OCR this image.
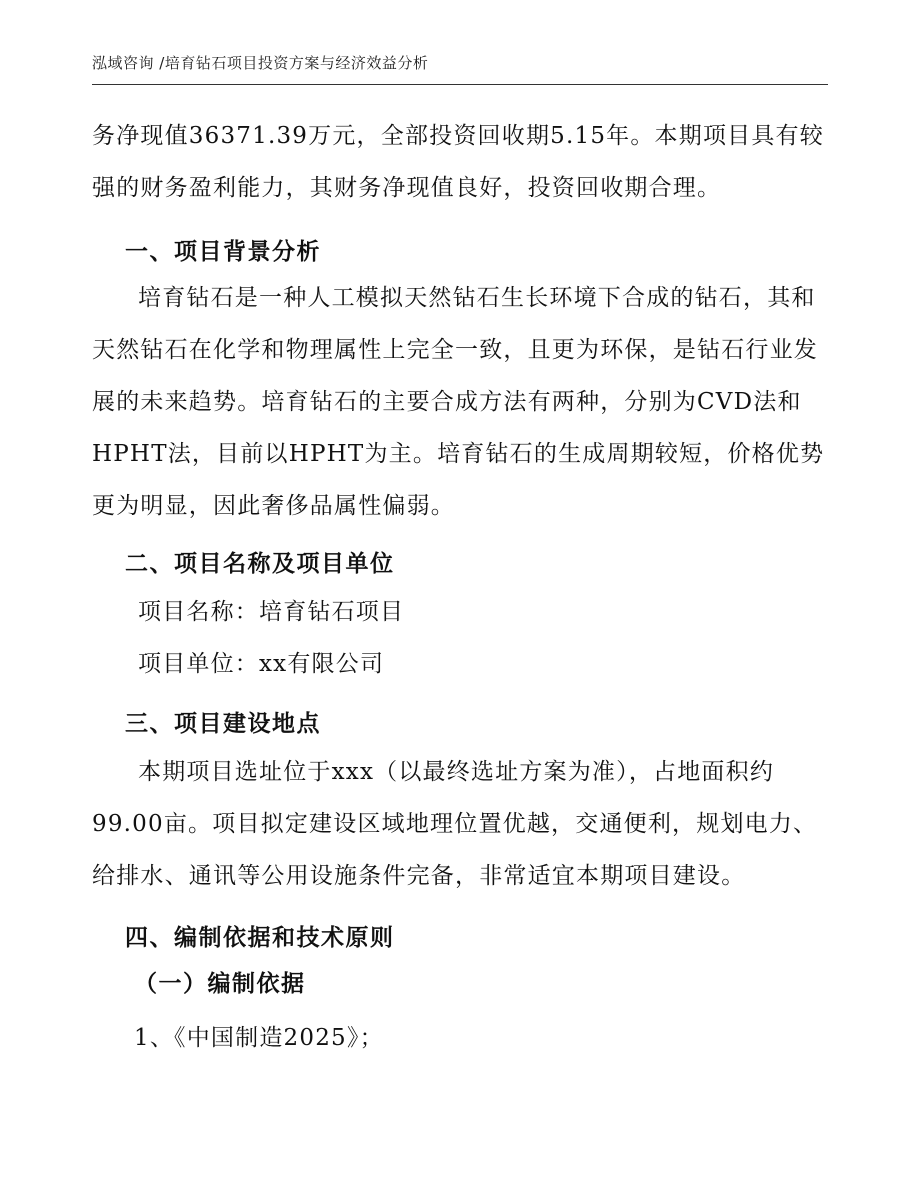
泓域咨询 /培育钻石项目投资方案与经济效益分析

务净现值36371.39万元，全部投资回收期5.15年。本期项目具有较强的财务盈利能力，其财务净现值良好，投资回收期合理。

一、项目背景分析

培育钻石是一种人工模拟天然钻石生长环境下合成的钻石，其和天然钻石在化学和物理属性上完全一致，且更为环保，是钻石行业发展的未来趋势。培育钻石的主要合成方法有两种，分别为CVD法和HPHT法，目前以HPHT为主。培育钻石的生成周期较短，价格优势更为明显，因此奢侈品属性偏弱。

二、项目名称及项目单位

项目名称：培育钻石项目

项目单位：xx有限公司

三、项目建设地点

本期项目选址位于xxx（以最终选址方案为准），占地面积约99.00亩。项目拟定建设区域地理位置优越，交通便利，规划电力、给排水、通讯等公用设施条件完备，非常适宜本期项目建设。

四、编制依据和技术原则
（一）编制依据

1、《中国制造2025》；
